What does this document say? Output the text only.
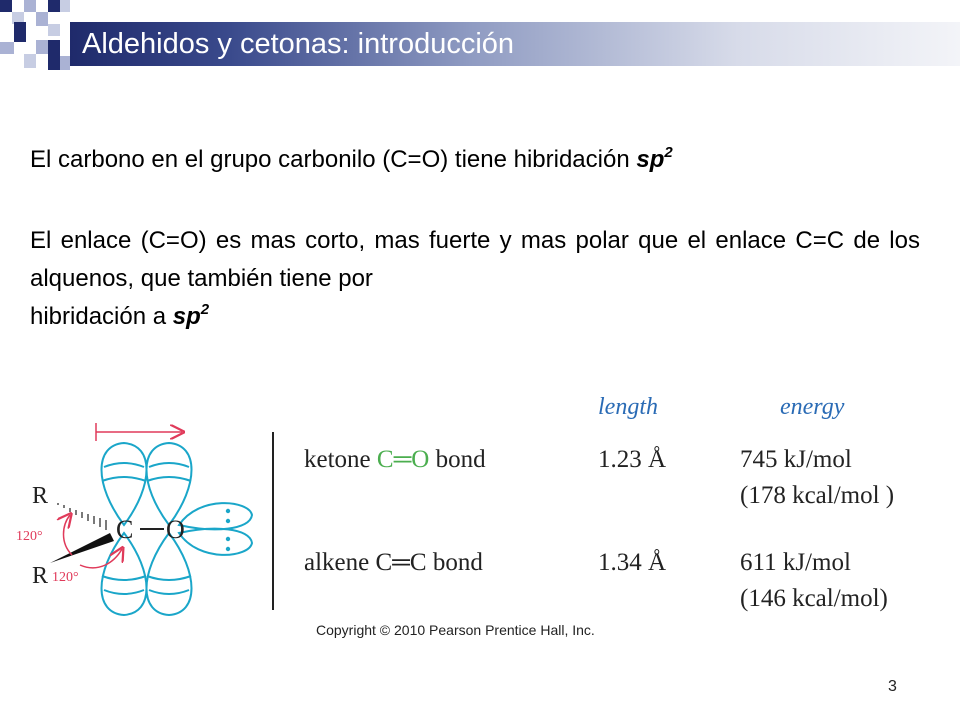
Aldehidos y cetonas: introducción
El carbono en el grupo carbonilo (C=O) tiene hibridación $sp^2$
El enlace (C=O) es mas corto, mas fuerte y mas polar que el enlace C=C de los alquenos, que también tiene por
hibridación a $sp^2$
R
R
C O
120°
120°
length	energy
ketone C═O bond	1.23 Å	745 kJ/mol
(178 kcal/mol )
alkene C═C bond	1.34 Å	611 kJ/mol
(146 kcal/mol)
Copyright © 2010 Pearson Prentice Hall, Inc.
3
